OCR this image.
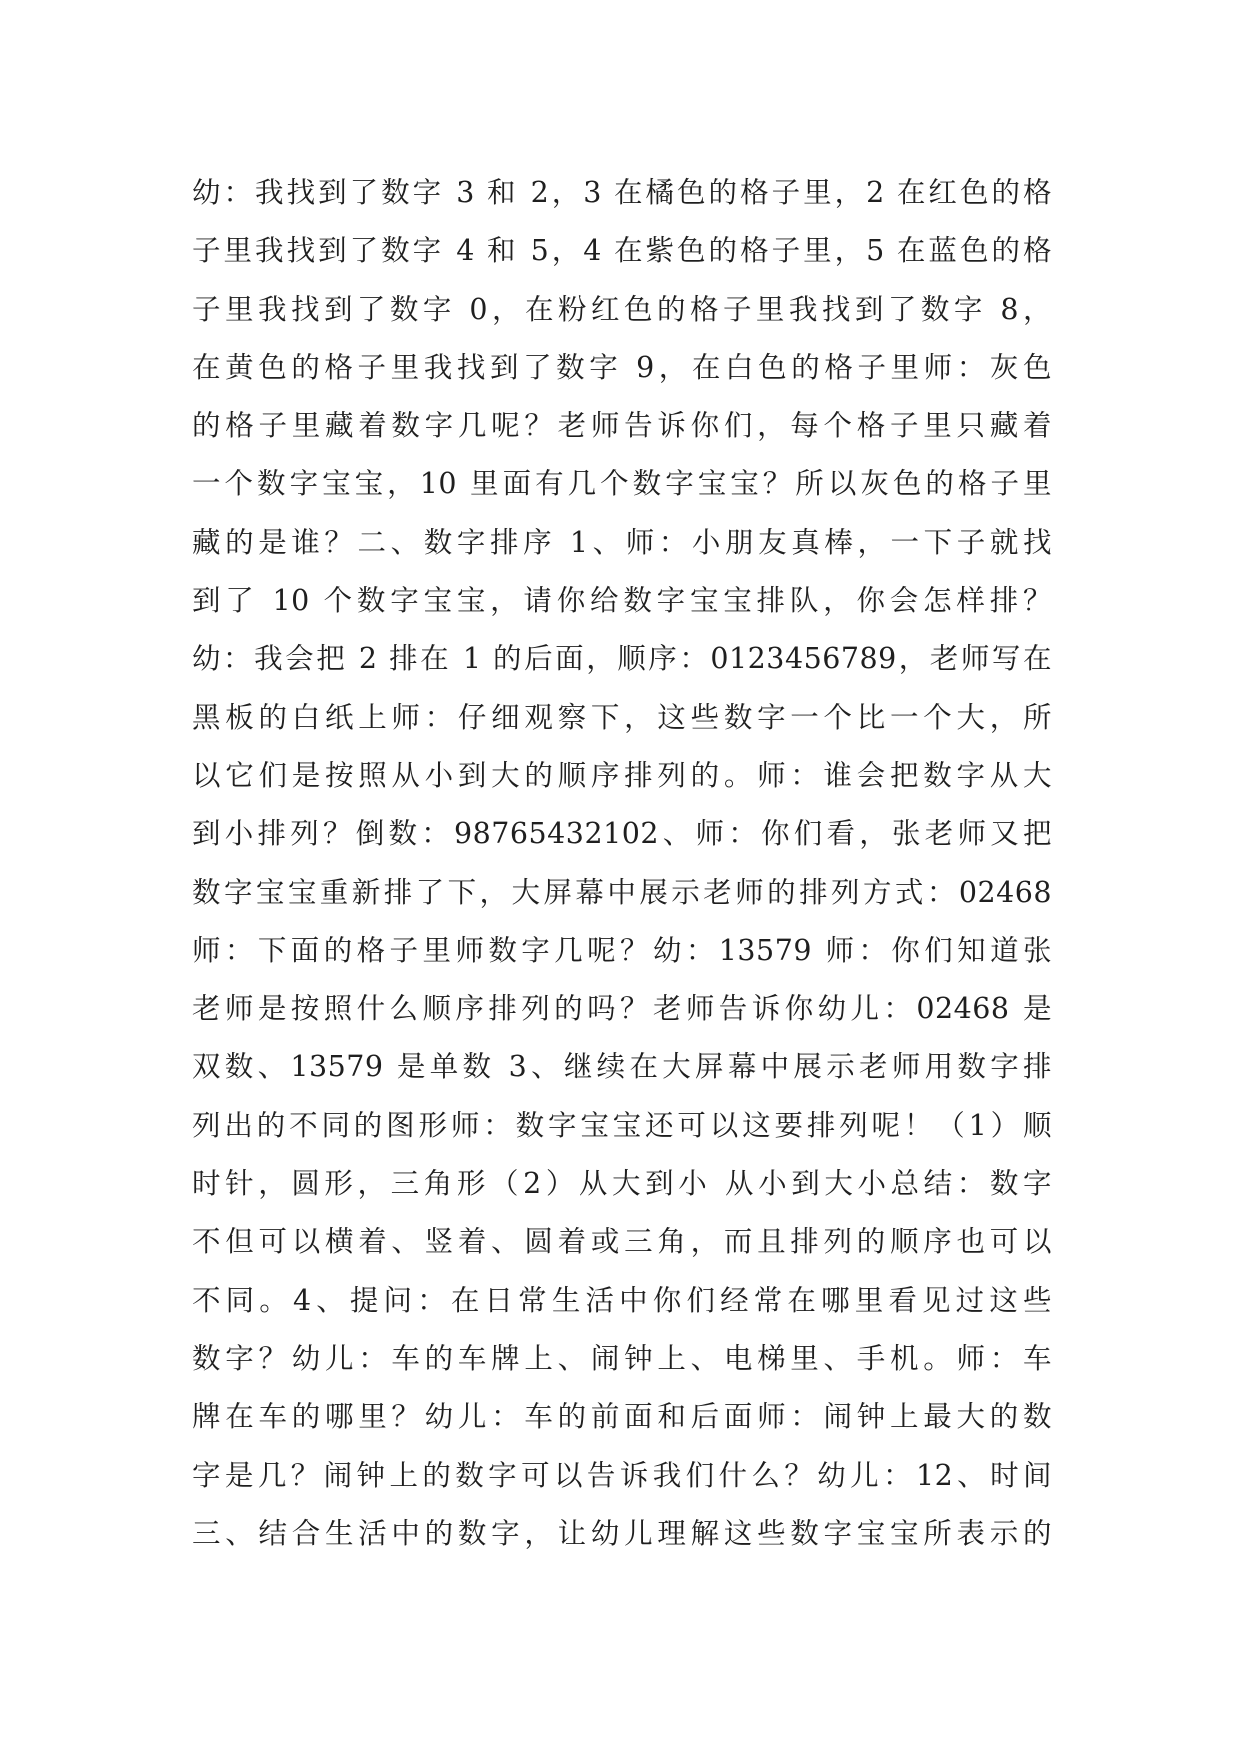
幼：我找到了数字 3 和 2，3 在橘色的格子里，2 在红色的格
子里我找到了数字 4 和 5，4 在紫色的格子里，5 在蓝色的格
子里我找到了数字 0，在粉红色的格子里我找到了数字 8，
在黄色的格子里我找到了数字 9，在白色的格子里师：灰色
的格子里藏着数字几呢？老师告诉你们，每个格子里只藏着
一个数字宝宝，10 里面有几个数字宝宝？所以灰色的格子里
藏的是谁？二、数字排序 1、师：小朋友真棒，一下子就找
到了 10 个数字宝宝，请你给数字宝宝排队，你会怎样排？
幼：我会把 2 排在 1 的后面，顺序：0123456789，老师写在
黑板的白纸上师：仔细观察下，这些数字一个比一个大，所
以它们是按照从小到大的顺序排列的。师：谁会把数字从大
到小排列？倒数：98765432102、师：你们看，张老师又把
数字宝宝重新排了下，大屏幕中展示老师的排列方式：02468
师：下面的格子里师数字几呢？幼：13579 师：你们知道张
老师是按照什么顺序排列的吗？老师告诉你幼儿：02468 是
双数、13579 是单数 3、继续在大屏幕中展示老师用数字排
列出的不同的图形师：数字宝宝还可以这要排列呢！（1）顺
时针，圆形，三角形（2）从大到小 从小到大小总结：数字
不但可以横着、竖着、圆着或三角，而且排列的顺序也可以
不同。4、提问：在日常生活中你们经常在哪里看见过这些
数字？幼儿：车的车牌上、闹钟上、电梯里、手机。师：车
牌在车的哪里？幼儿：车的前面和后面师：闹钟上最大的数
字是几？闹钟上的数字可以告诉我们什么？幼儿：12、时间
三、结合生活中的数字，让幼儿理解这些数字宝宝所表示的
